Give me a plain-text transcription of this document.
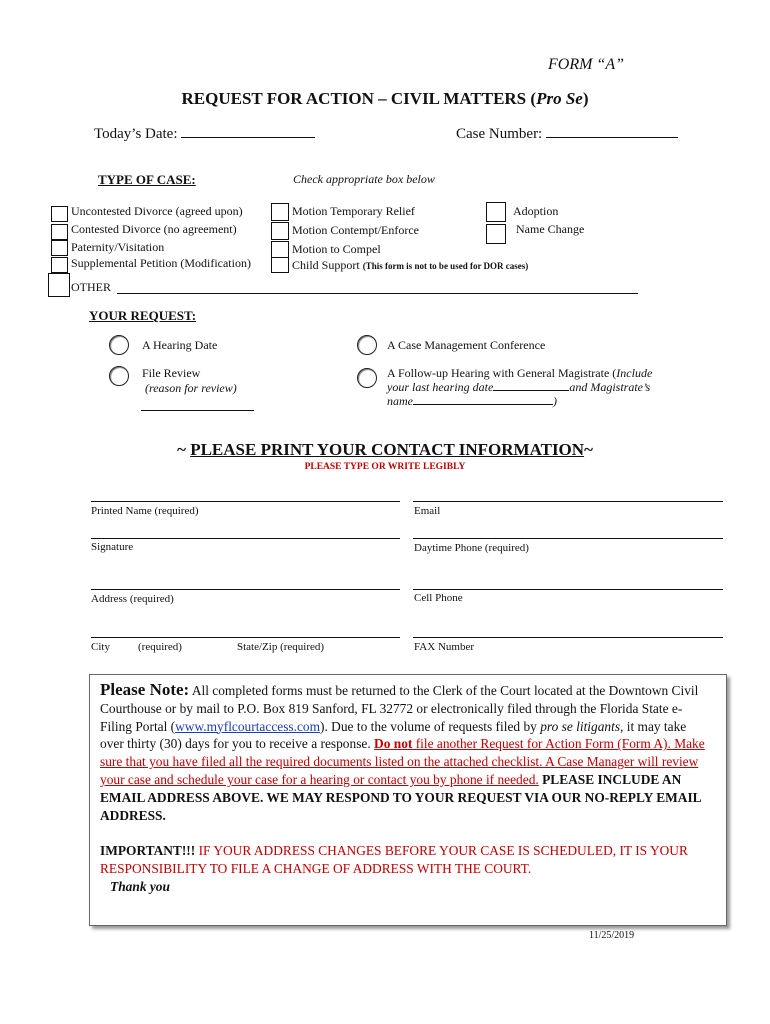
FORM “A”
REQUEST FOR ACTION – CIVIL MATTERS (Pro Se)
Today’s Date:	Case Number:
TYPE OF CASE:	Check appropriate box below
Uncontested Divorce (agreed upon)
Contested Divorce (no agreement)
Paternity/Visitation
Supplemental Petition (Modification)
Motion Temporary Relief
Motion Contempt/Enforce
Motion to Compel
Child Support (This form is not to be used for DOR cases)
Adoption
Name Change
OTHER
YOUR REQUEST:
A Hearing Date	A Case Management Conference
File Review
(reason for review)
A Follow-up Hearing with General Magistrate (Include
your last hearing date	and Magistrate’s
name	)
~ PLEASE PRINT YOUR CONTACT INFORMATION~
PLEASE TYPE OR WRITE LEGIBLY
Printed Name (required)	Email
Signature	Daytime Phone (required)
Address (required)	Cell Phone
City	(required)	State/Zip (required)	FAX Number
Please Note: All completed forms must be returned to the Clerk of the Court located at the Downtown Civil Courthouse or by mail to P.O. Box 819 Sanford, FL 32772 or electronically filed through the Florida State e-Filing Portal (www.myflcourtaccess.com). Due to the volume of requests filed by pro se litigants, it may take over thirty (30) days for you to receive a response. Do not file another Request for Action Form (Form A). Make sure that you have filed all the required documents listed on the attached checklist. A Case Manager will review your case and schedule your case for a hearing or contact you by phone if needed. PLEASE INCLUDE AN EMAIL ADDRESS ABOVE. WE MAY RESPOND TO YOUR REQUEST VIA OUR NO-REPLY EMAIL ADDRESS.

IMPORTANT!!! IF YOUR ADDRESS CHANGES BEFORE YOUR CASE IS SCHEDULED, IT IS YOUR RESPONSIBILITY TO FILE A CHANGE OF ADDRESS WITH THE COURT.
Thank you
11/25/2019
